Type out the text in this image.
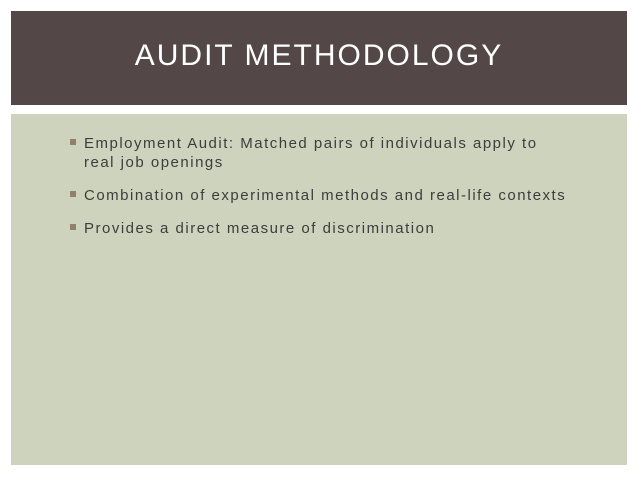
AUDIT METHODOLOGY
Employment Audit: Matched pairs of individuals apply to real job openings
Combination of experimental methods and real-life contexts
Provides a direct measure of discrimination
